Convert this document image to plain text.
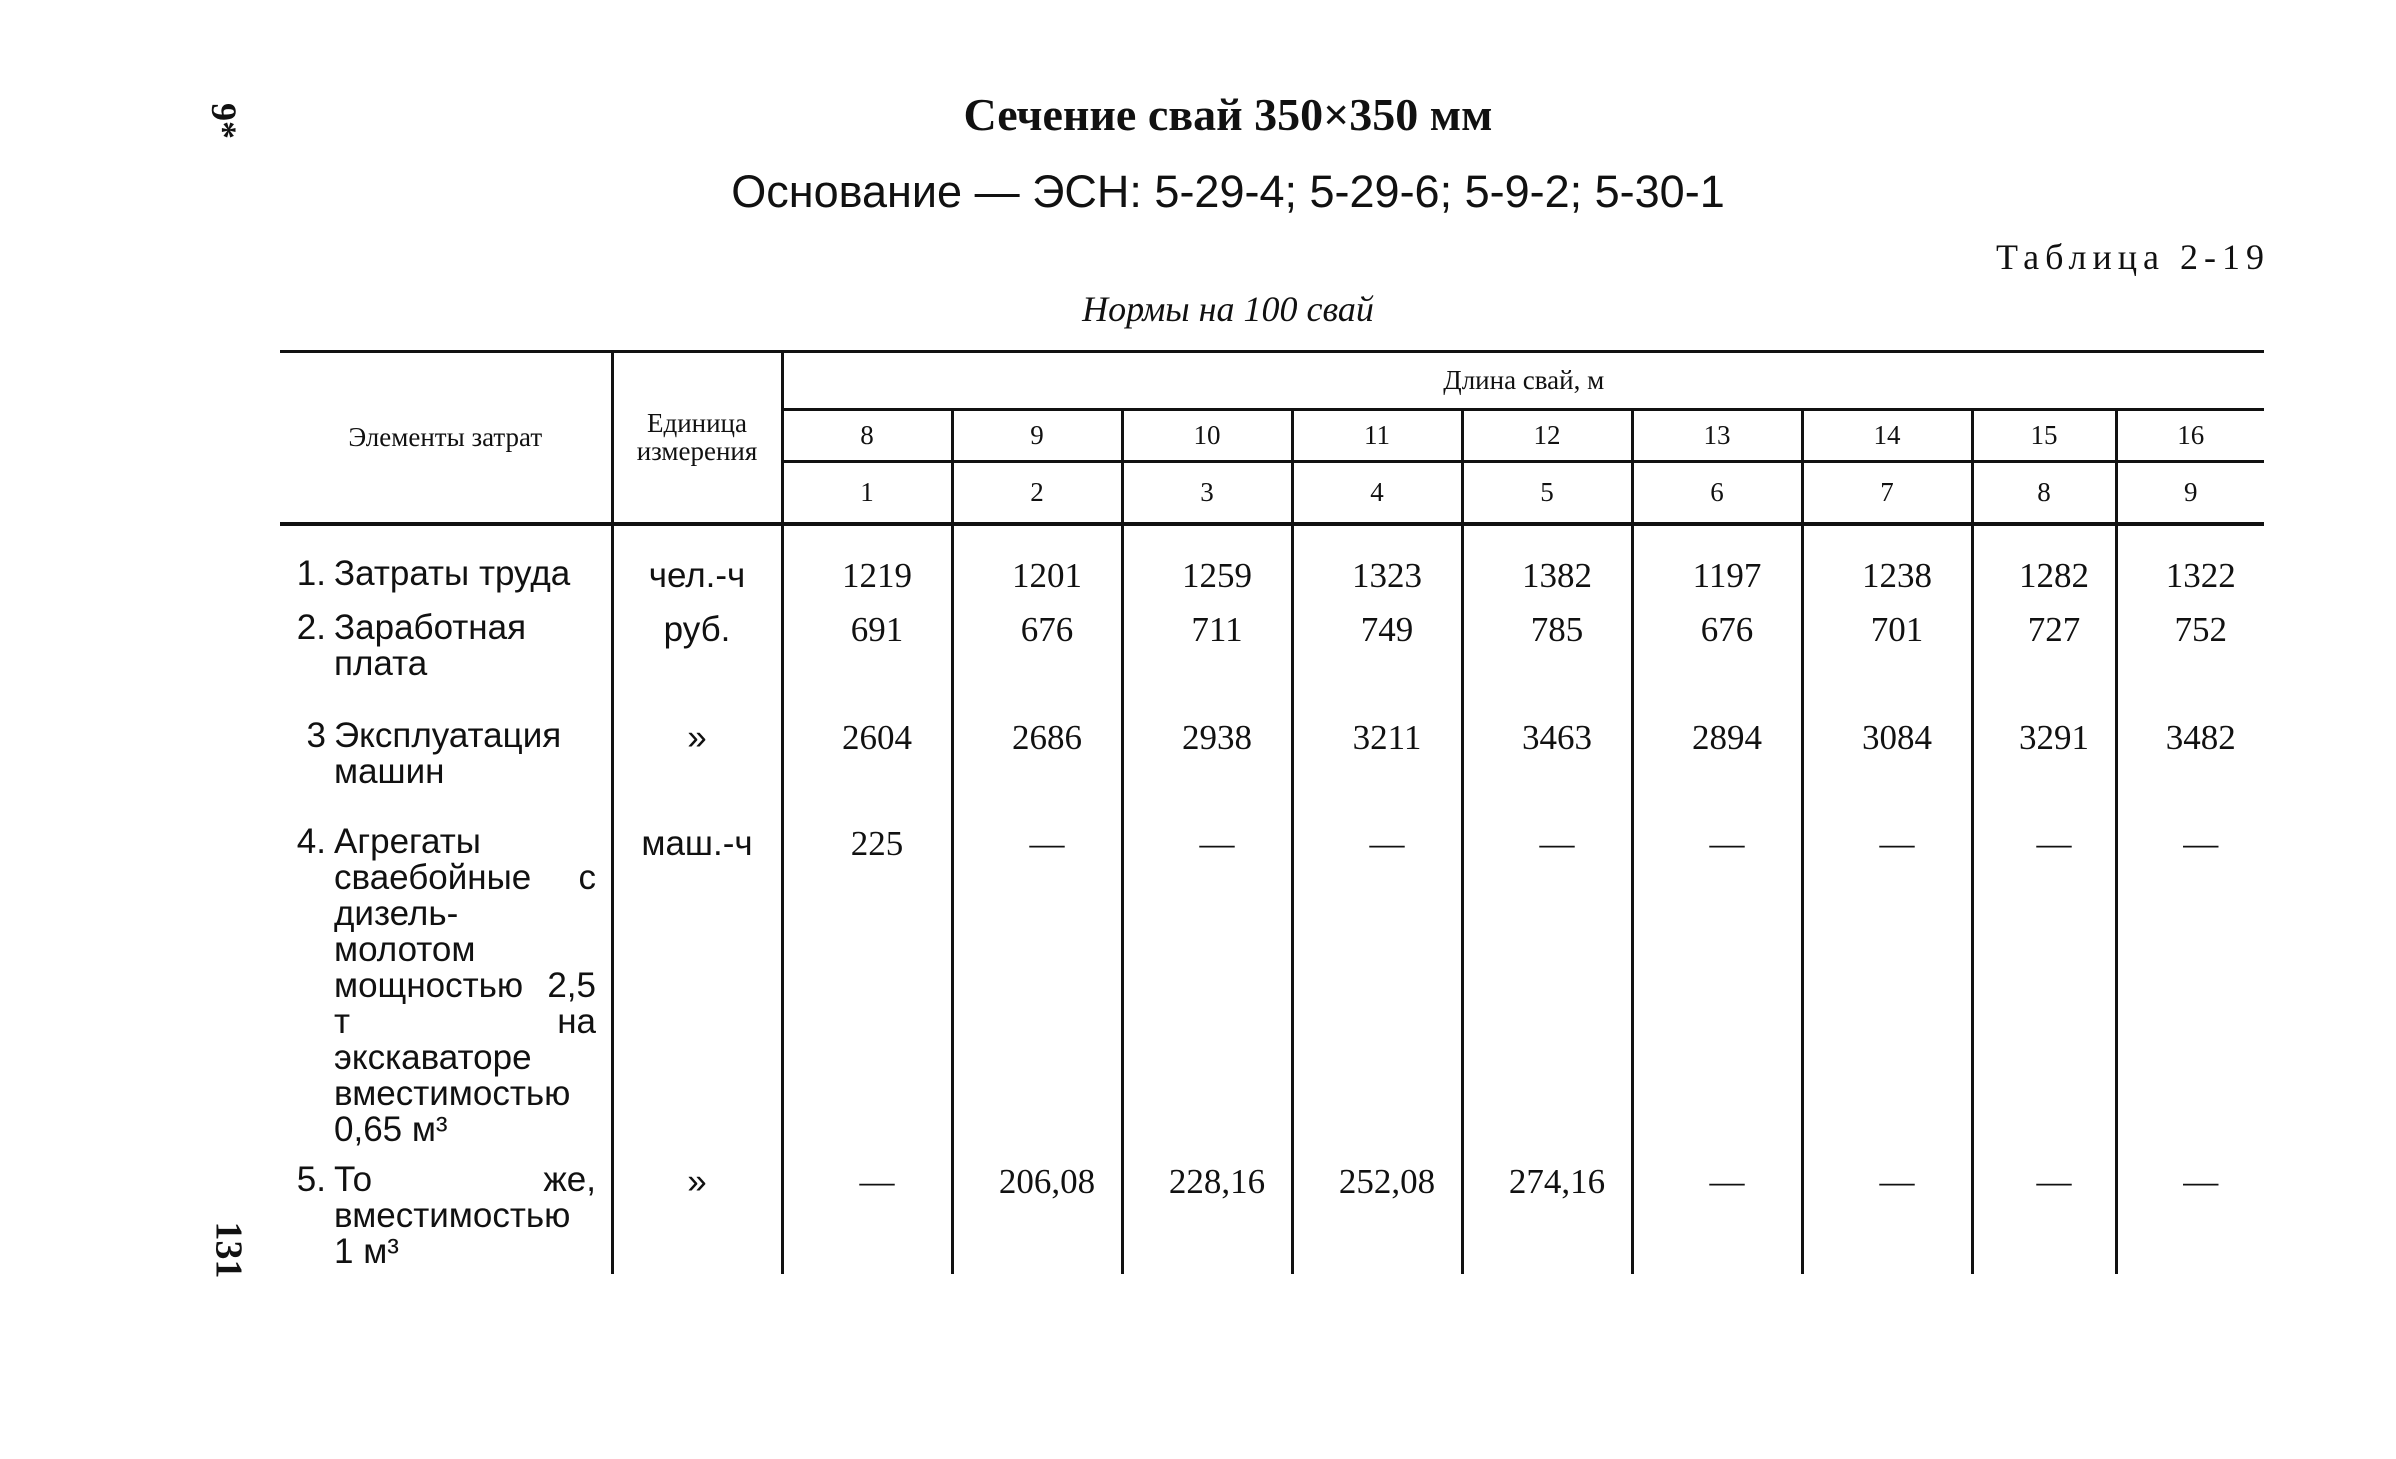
9*	Сечение свай 350×350 мм
Основание — ЭСН: 5-29-4; 5-29-6; 5-9-2; 5-30-1
Таблица 2-19
Нормы на 100 свай
Элементы затрат	Единица измерения	Длина свай, м								
		8	9	10	11	12	13	14	15	16
		1	2	3	4	5	6	7	8	9
1. Затраты труда	чел.-ч	1219	1201	1259	1323	1382	1197	1238	1282	1322
2. Заработная плата	руб.	691	676	711	749	785	676	701	727	752
3 Эксплуатация машин	»	2604	2686	2938	3211	3463	2894	3084	3291	3482
4. Агрегаты сваебойные с дизель-молотом мощностью 2,5 т на экскаваторе вместимостью 0,65 м³	маш.-ч	225	—	—	—	—	—	—	—	—
5. То же, вместимостью 1 м³	»	—	206,08	228,16	252,08	274,16	—	—	—	—
131
